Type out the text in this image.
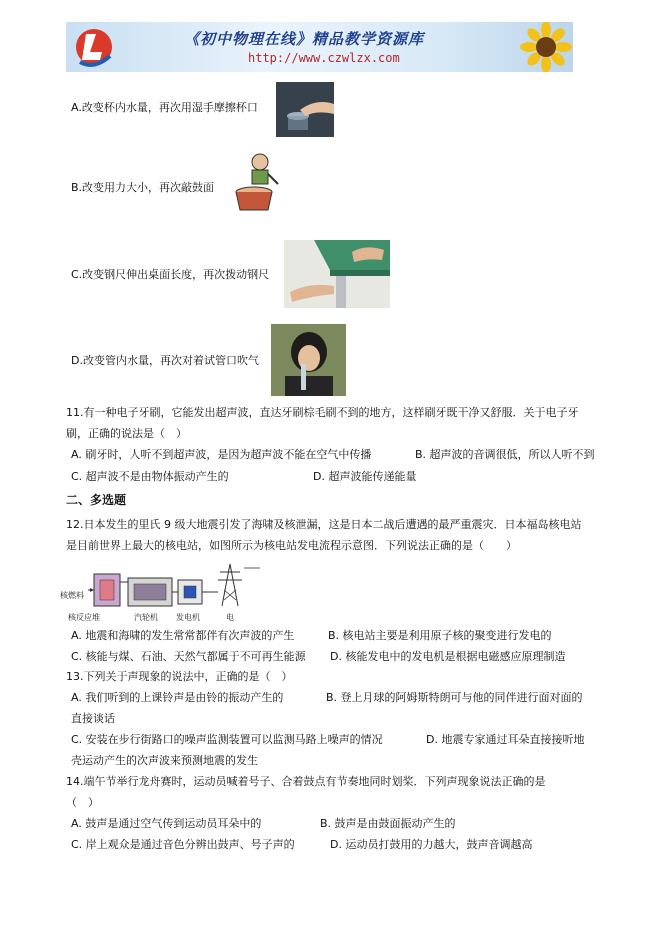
《初中物理在线》精品教学资源库
http://www.czwlzx.com
A.改变杯内水量，再次用湿手摩擦杯口
B.改变用力大小，再次敲鼓面
C.改变钢尺伸出桌面长度，再次拨动钢尺
D.改变管内水量，再次对着试管口吹气
11.有一种电子牙刷，它能发出超声波，直达牙刷棕毛刷不到的地方，这样刷牙既干净又舒服．关于电子牙
刷，正确的说法是（　）
A. 刷牙时，人听不到超声波，是因为超声波不能在空气中传播	B. 超声波的音调很低，所以人听不到
C. 超声波不是由物体振动产生的	D. 超声波能传递能量
二、多选题
12.日本发生的里氏 9 级大地震引发了海啸及核泄漏，这是日本二战后遭遇的最严重震灾．日本福岛核电站
是目前世界上最大的核电站，如图所示为核电站发电流程示意图．下列说法正确的是（　　）
核燃料
核反应堆	汽轮机 发电机	电
A. 地震和海啸的发生常常都伴有次声波的产生	B. 核电站主要是利用原子核的聚变进行发电的
C. 核能与煤、石油、天然气都属于不可再生能源 D. 核能发电中的发电机是根据电磁感应原理制造
13.下列关于声现象的说法中，正确的是（　）
A. 我们听到的上课铃声是由铃的振动产生的	B. 登上月球的阿姆斯特朗可与他的同伴进行面对面的
直接谈话
C. 安装在步行街路口的噪声监测装置可以监测马路上噪声的情况	D. 地震专家通过耳朵直接接听地
壳运动产生的次声波来预测地震的发生
14.端午节举行龙舟赛时，运动员喊着号子、合着鼓点有节奏地同时划桨．下列声现象说法正确的是
（　）
A. 鼓声是通过空气传到运动员耳朵中的	B. 鼓声是由鼓面振动产生的
C. 岸上观众是通过音色分辨出鼓声、号子声的	D. 运动员打鼓用的力越大，鼓声音调越高
